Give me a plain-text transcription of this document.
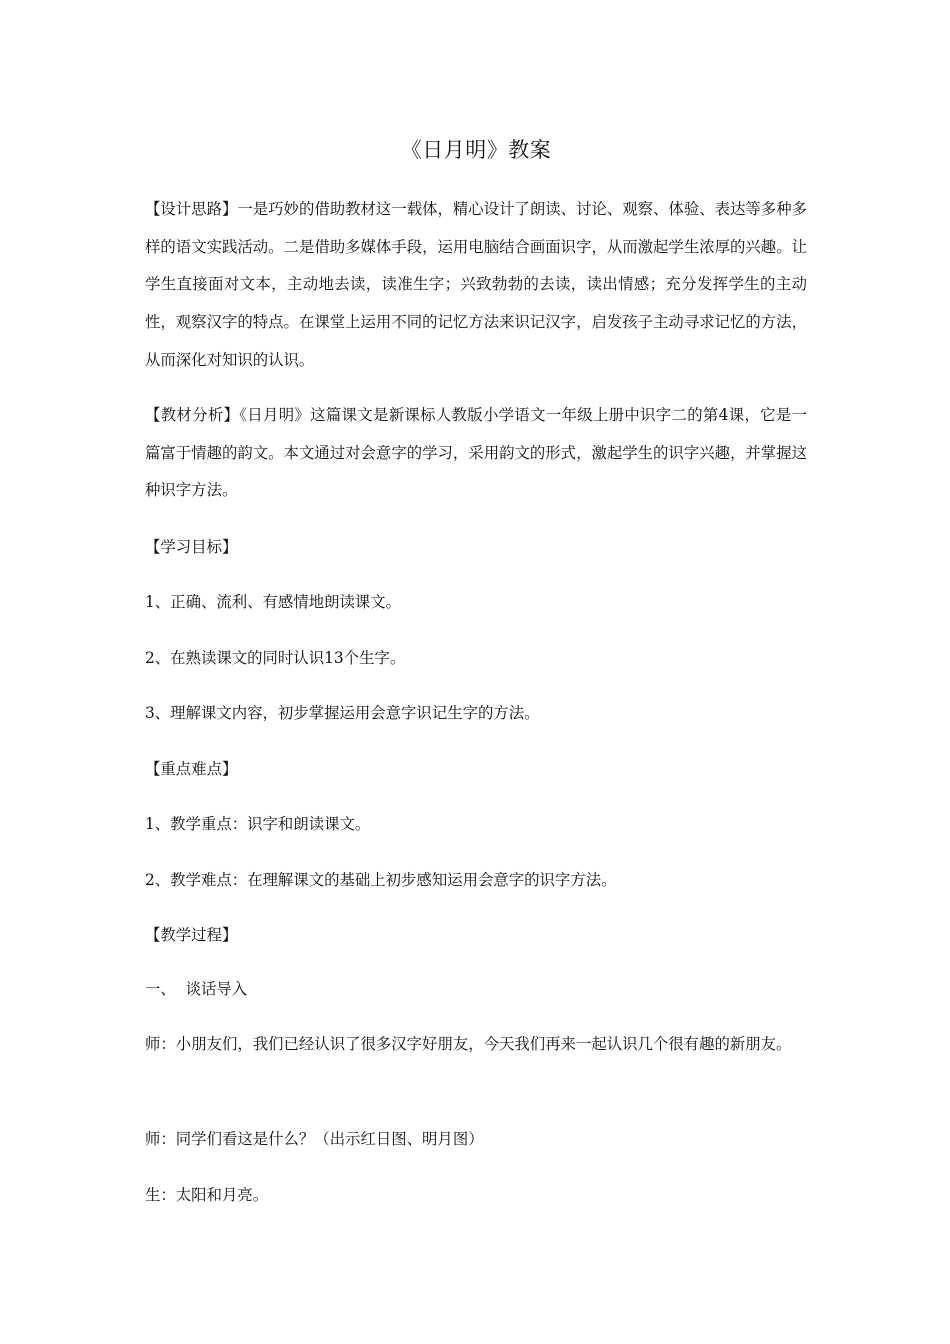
《日月明》教案

【设计思路】一是巧妙的借助教材这一载体，精心设计了朗读、讨论、观察、体验、表达等多种多样的语文实践活动。二是借助多媒体手段，运用电脑结合画面识字，从而激起学生浓厚的兴趣。让学生直接面对文本，主动地去读，读准生字；兴致勃勃的去读，读出情感；充分发挥学生的主动性，观察汉字的特点。在课堂上运用不同的记忆方法来识记汉字，启发孩子主动寻求记忆的方法，从而深化对知识的认识。

【教材分析】《日月明》这篇课文是新课标人教版小学语文一年级上册中识字二的第4课，它是一篇富于情趣的韵文。本文通过对会意字的学习，采用韵文的形式，激起学生的识字兴趣，并掌握这种识字方法。

【学习目标】

1、正确、流利、有感情地朗读课文。

2、在熟读课文的同时认识13个生字。

3、理解课文内容，初步掌握运用会意字识记生字的方法。

【重点难点】

1、教学重点：识字和朗读课文。

2、教学难点：在理解课文的基础上初步感知运用会意字的识字方法。

【教学过程】

一、  谈话导入

师：小朋友们，我们已经认识了很多汉字好朋友，今天我们再来一起认识几个很有趣的新朋友。

师：同学们看这是什么？（出示红日图、明月图）

生：太阳和月亮。
